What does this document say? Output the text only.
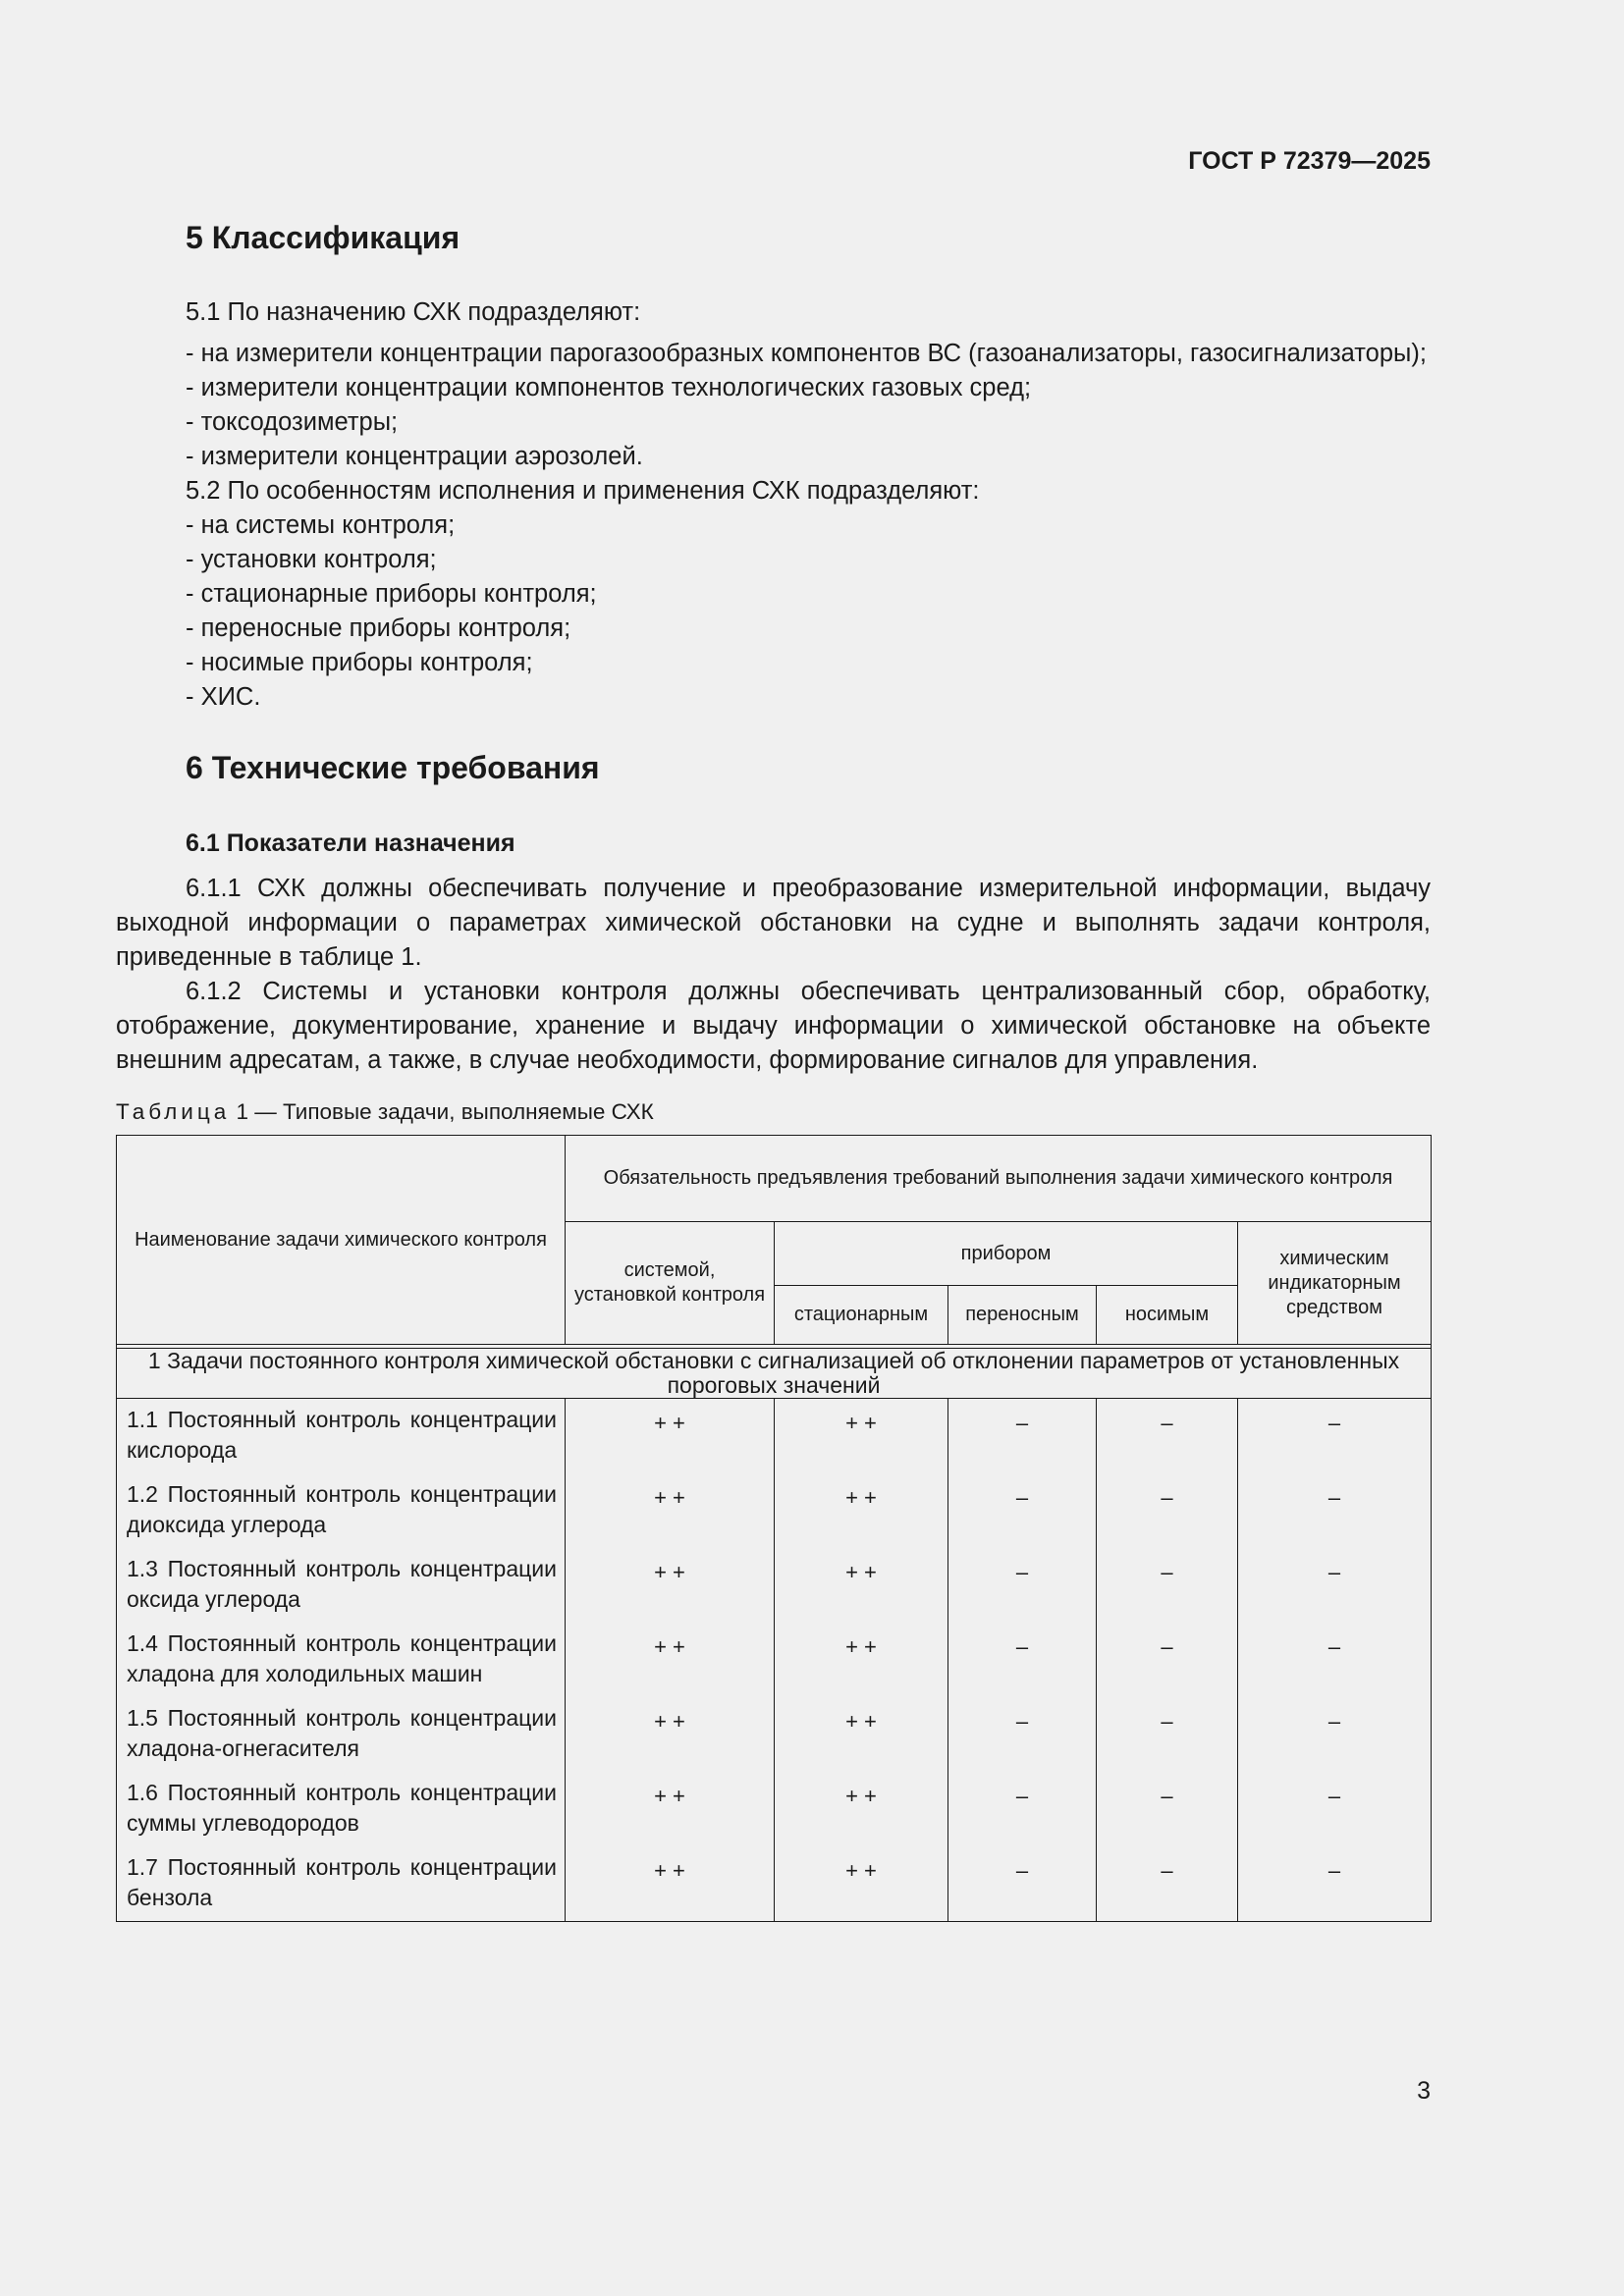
ГОСТ Р 72379—2025
5 Классификация

5.1 По назначению СХК подразделяют:

- на измерители концентрации парогазообразных компонентов ВС (газоанализаторы, газосигнализаторы);

- измерители концентрации компонентов технологических газовых сред;

- токсодозиметры;

- измерители концентрации аэрозолей.

5.2 По особенностям исполнения и применения СХК подразделяют:

- на системы контроля;

- установки контроля;

- стационарные приборы контроля;

- переносные приборы контроля;

- носимые приборы контроля;

- ХИС.

6 Технические требования
6.1 Показатели назначения

6.1.1 СХК должны обеспечивать получение и преобразование измерительной информации, выдачу выходной информации о параметрах химической обстановки на судне и выполнять задачи контроля, приведенные в таблице 1.

6.1.2 Системы и установки контроля должны обеспечивать централизованный сбор, обработку, отображение, документирование, хранение и выдачу информации о химической обстановке на объекте внешним адресатам, а также, в случае необходимости, формирование сигналов для управления.

Таблица 1 — Типовые задачи, выполняемые СХК
Наименование задачи химического контроля	Обязательность предъявления требований выполнения задачи химического контроля				
	системой, установкой контроля	прибором			химическим индикаторным средством
		стационарным	переносным	носимым	

1 Задачи постоянного контроля химической обстановки с сигнализацией об отклонении параметров от установленных пороговых значений					
1.1 Постоянный контроль концентрации кислорода	+ +	+ +	–	–	–
1.2 Постоянный контроль концентрации диоксида углерода	+ +	+ +	–	–	–
1.3 Постоянный контроль концентрации оксида углерода	+ +	+ +	–	–	–
1.4 Постоянный контроль концентрации хладона для холодильных машин	+ +	+ +	–	–	–
1.5 Постоянный контроль концентрации хладона-огнегасителя	+ +	+ +	–	–	–
1.6 Постоянный контроль концентрации суммы углеводородов	+ +	+ +	–	–	–
1.7 Постоянный контроль концентрации бензола	+ +	+ +	–	–	–
3
